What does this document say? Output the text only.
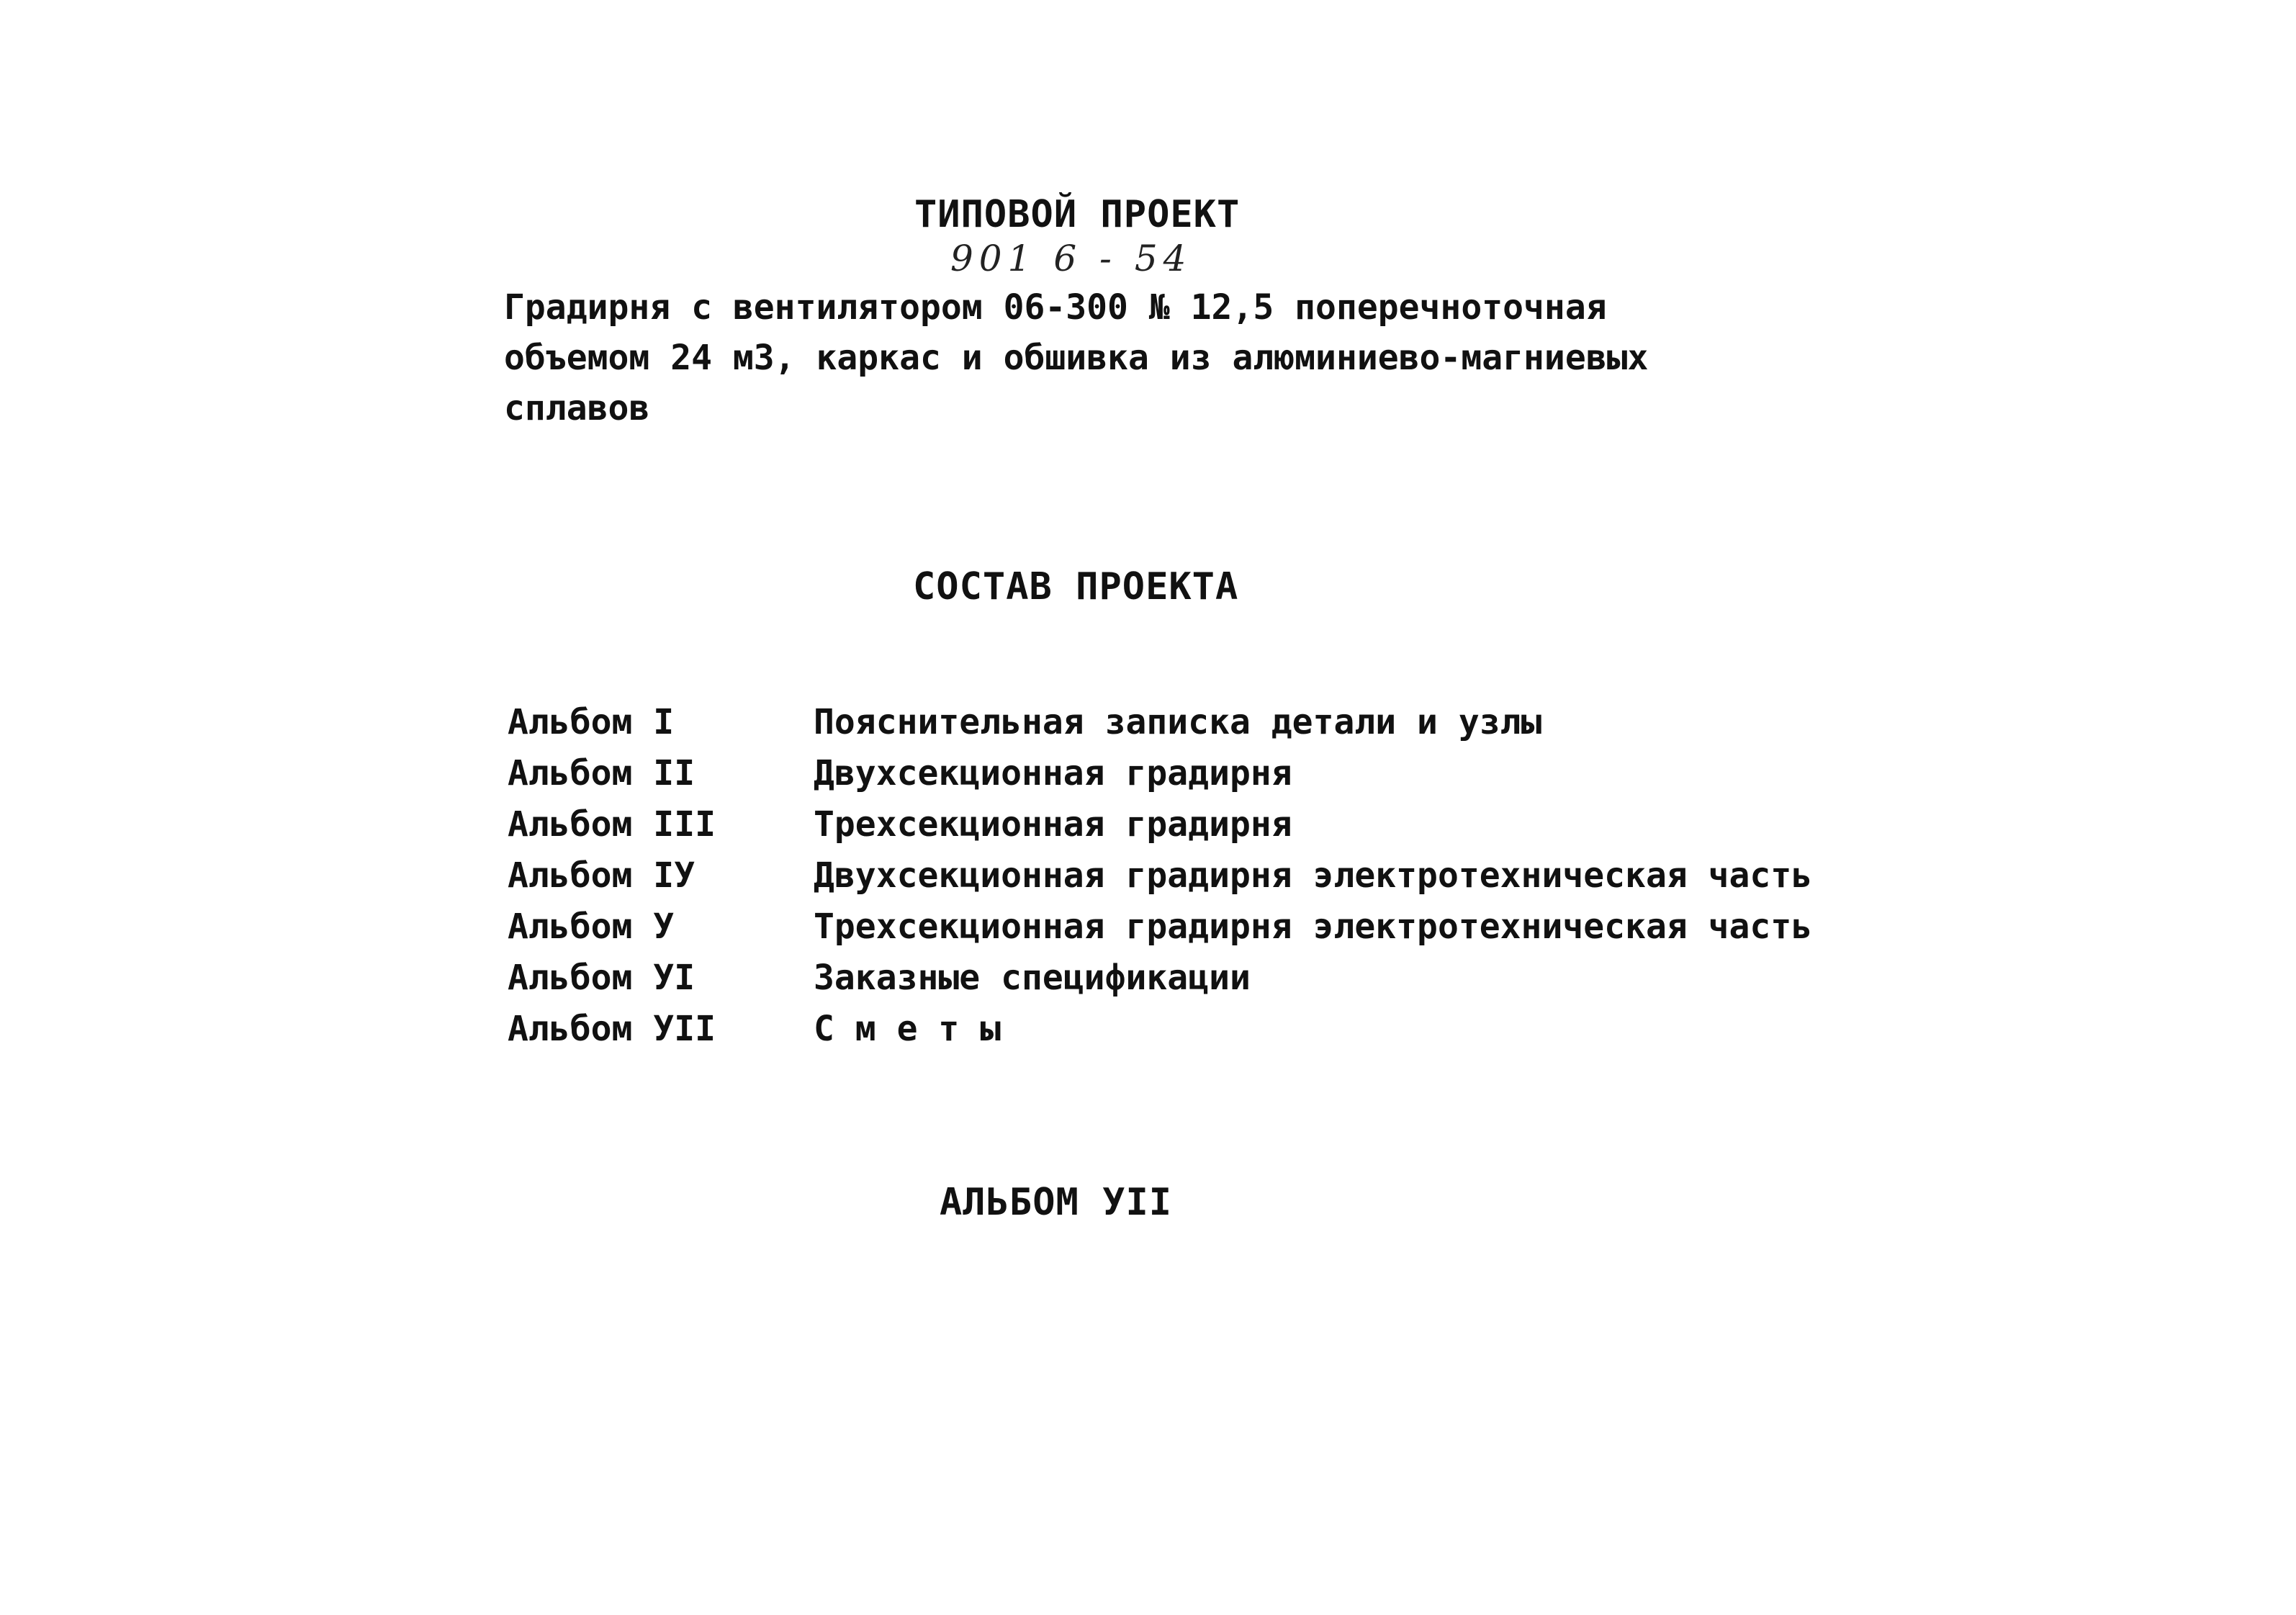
ТИПОВОЙ ПРОЕКТ
901 6 - 54
Градирня с вентилятором 06-300 № 12,5 поперечноточная
объемом 24 м3, каркас и обшивка из алюминиево-магниевых
сплавов
СОСТАВ ПРОЕКТА
Альбом I	Пояснительная записка детали и узлы
Альбом II	Двухсекционная градирня
Альбом III	Трехсекционная градирня
Альбом IУ	Двухсекционная градирня электротехническая часть
Альбом У	Трехсекционная градирня электротехническая часть
Альбом УI	Заказные спецификации
Альбом УII	С м е т ы
АЛЬБОМ УII
